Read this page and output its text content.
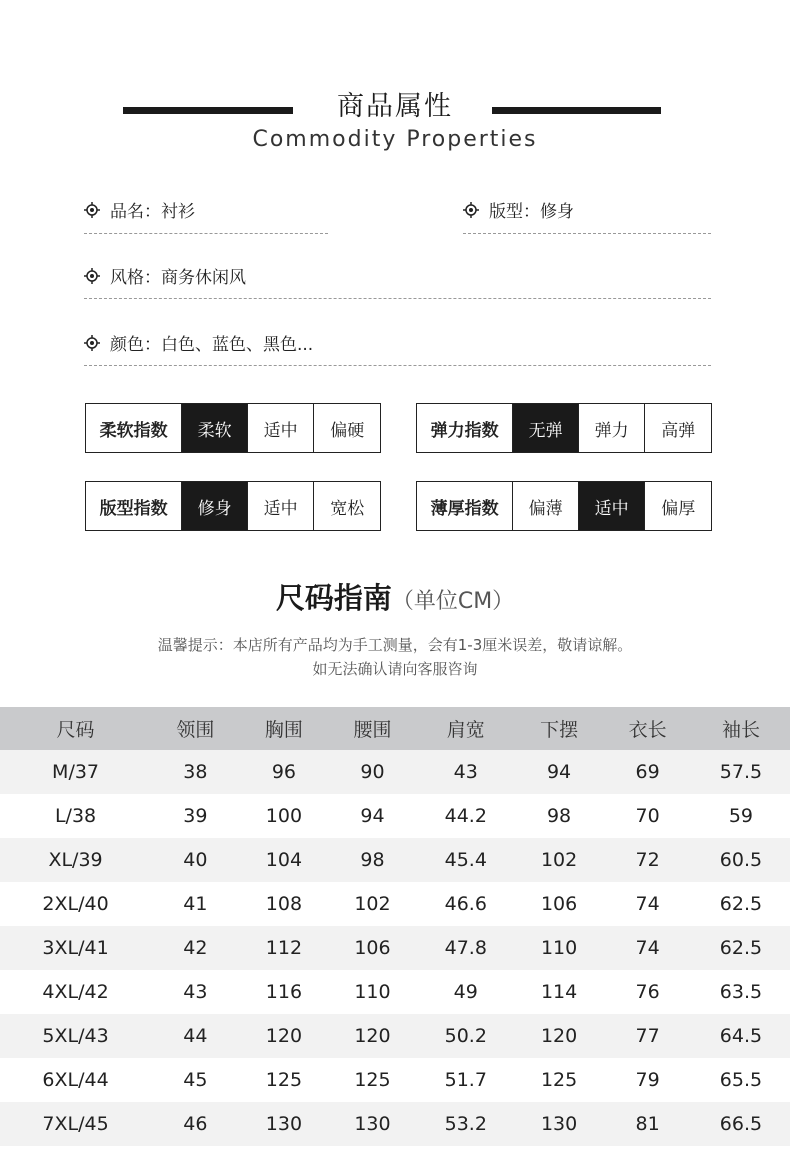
商品属性
Commodity Properties
品名： 衬衫	版型： 修身
风格： 商务休闲风
颜色： 白色、蓝色、黑色...
柔软指数	柔软	适中	偏硬	弹力指数	无弹	弹力	高弹
版型指数	修身	适中	宽松	薄厚指数	偏薄	适中	偏厚
尺码指南（单位CM）
温馨提示：本店所有产品均为手工测量，会有1-3厘米误差，敬请谅解。
如无法确认请向客服咨询
尺码	领围	胸围	腰围	肩宽	下摆	衣长	袖长
M/37	38	96	90	43	94	69	57.5
L/38	39	100	94	44.2	98	70	59
XL/39	40	104	98	45.4	102	72	60.5
2XL/40	41	108	102	46.6	106	74	62.5
3XL/41	42	112	106	47.8	110	74	62.5
4XL/42	43	116	110	49	114	76	63.5
5XL/43	44	120	120	50.2	120	77	64.5
6XL/44	45	125	125	51.7	125	79	65.5
7XL/45	46	130	130	53.2	130	81	66.5
